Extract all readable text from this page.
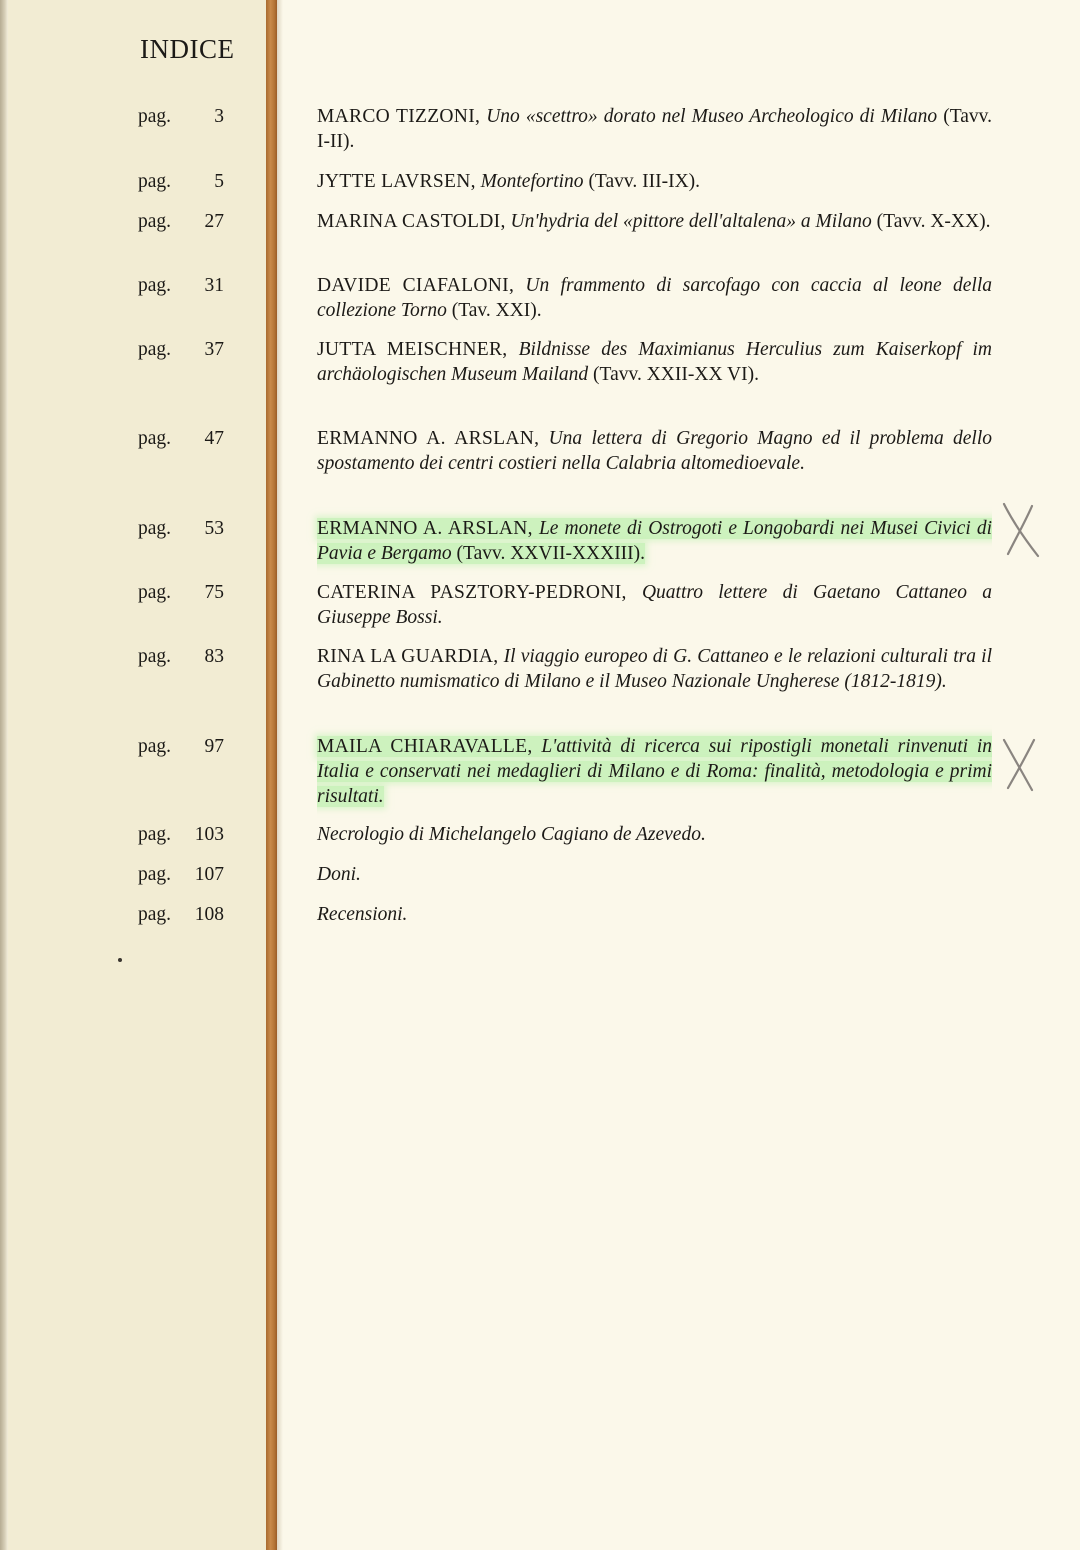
INDICE
pag. 3	MARCO TIZZONI, Uno «scettro» dorato nel Museo Archeologico di Milano (Tavv. I-II).
pag. 5	JYTTE LAVRSEN, Montefortino (Tavv. III-IX).
pag. 27	MARINA CASTOLDI, Un'hydria del «pittore dell'altalena» a Milano (Tavv. X-XX).
pag. 31	DAVIDE CIAFALONI, Un frammento di sarcofago con caccia al leone della collezione Torno (Tav. XXI).
pag. 37	JUTTA MEISCHNER, Bildnisse des Maximianus Herculius zum Kaiserkopf im archäologischen Museum Mailand (Tavv. XXII-XX VI).
pag. 47	ERMANNO A. ARSLAN, Una lettera di Gregorio Magno ed il problema dello spostamento dei centri costieri nella Calabria altomedioevale.
pag. 53	ERMANNO A. ARSLAN, Le monete di Ostrogoti e Longobardi nei Musei Civici di Pavia e Bergamo (Tavv. XXVII-XXXIII).
pag. 75	CATERINA PASZTORY-PEDRONI, Quattro lettere di Gaetano Cattaneo a Giuseppe Bossi.
pag. 83	RINA LA GUARDIA, Il viaggio europeo di G. Cattaneo e le relazioni culturali tra il Gabinetto numismatico di Milano e il Museo Nazionale Ungherese (1812-1819).
pag. 97	MAILA CHIARAVALLE, L'attività di ricerca sui ripostigli monetali rinvenuti in Italia e conservati nei medaglieri di Milano e di Roma: finalità, metodologia e primi risultati.
pag. 103	Necrologio di Michelangelo Cagiano de Azevedo.
pag. 107	Doni.
pag. 108	Recensioni.
